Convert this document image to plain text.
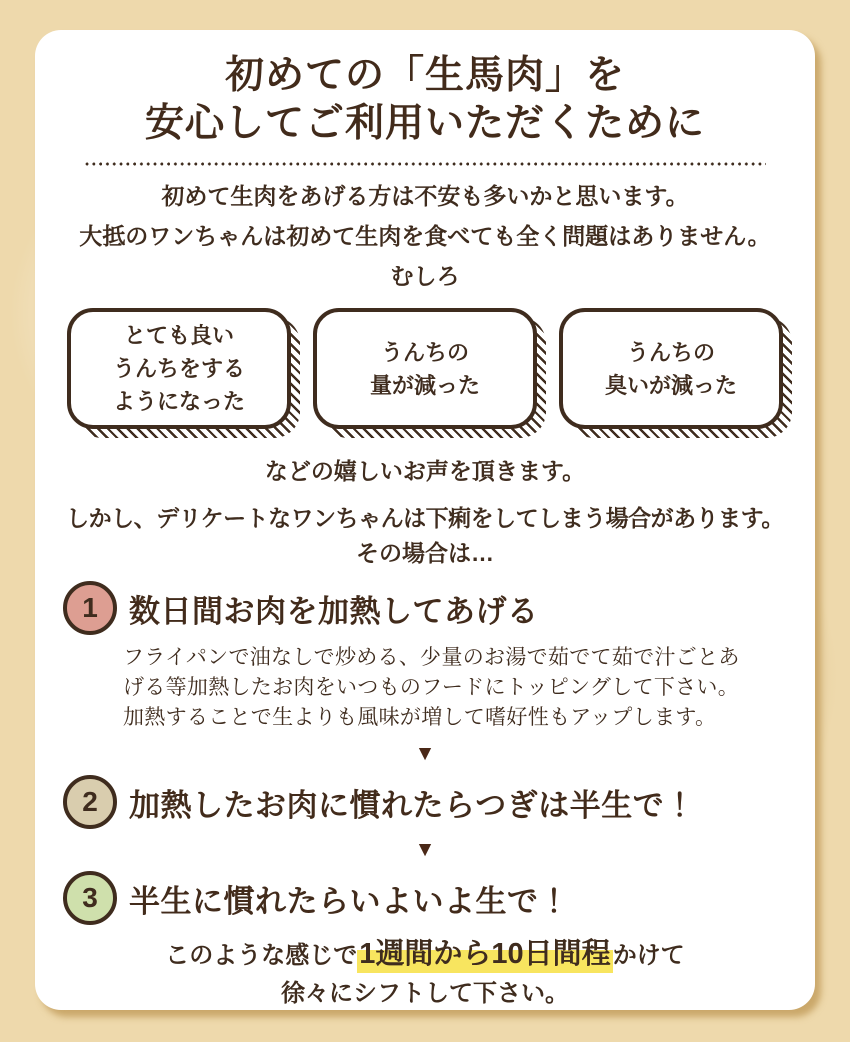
初めての「生馬肉」を
安心してご利用いただくために
初めて生肉をあげる方は不安も多いかと思います。
大抵のワンちゃんは初めて生肉を食べても全く問題はありません。
むしろ
とても良い
うんちをする
ようになった
うんちの
量が減った
うんちの
臭いが減った
などの嬉しいお声を頂きます。
しかし、デリケートなワンちゃんは下痢をしてしまう場合があります。
その場合は…
1	数日間お肉を加熱してあげる
フライパンで油なしで炒める、少量のお湯で茹でて茹で汁ごとあ
げる等加熱したお肉をいつものフードにトッピングして下さい。
加熱することで生よりも風味が増して嗜好性もアップします。
▼
2	加熱したお肉に慣れたらつぎは半生で！
▼
3	半生に慣れたらいよいよ生で！
このような感じで1週間から10日間程かけて
徐々にシフトして下さい。
